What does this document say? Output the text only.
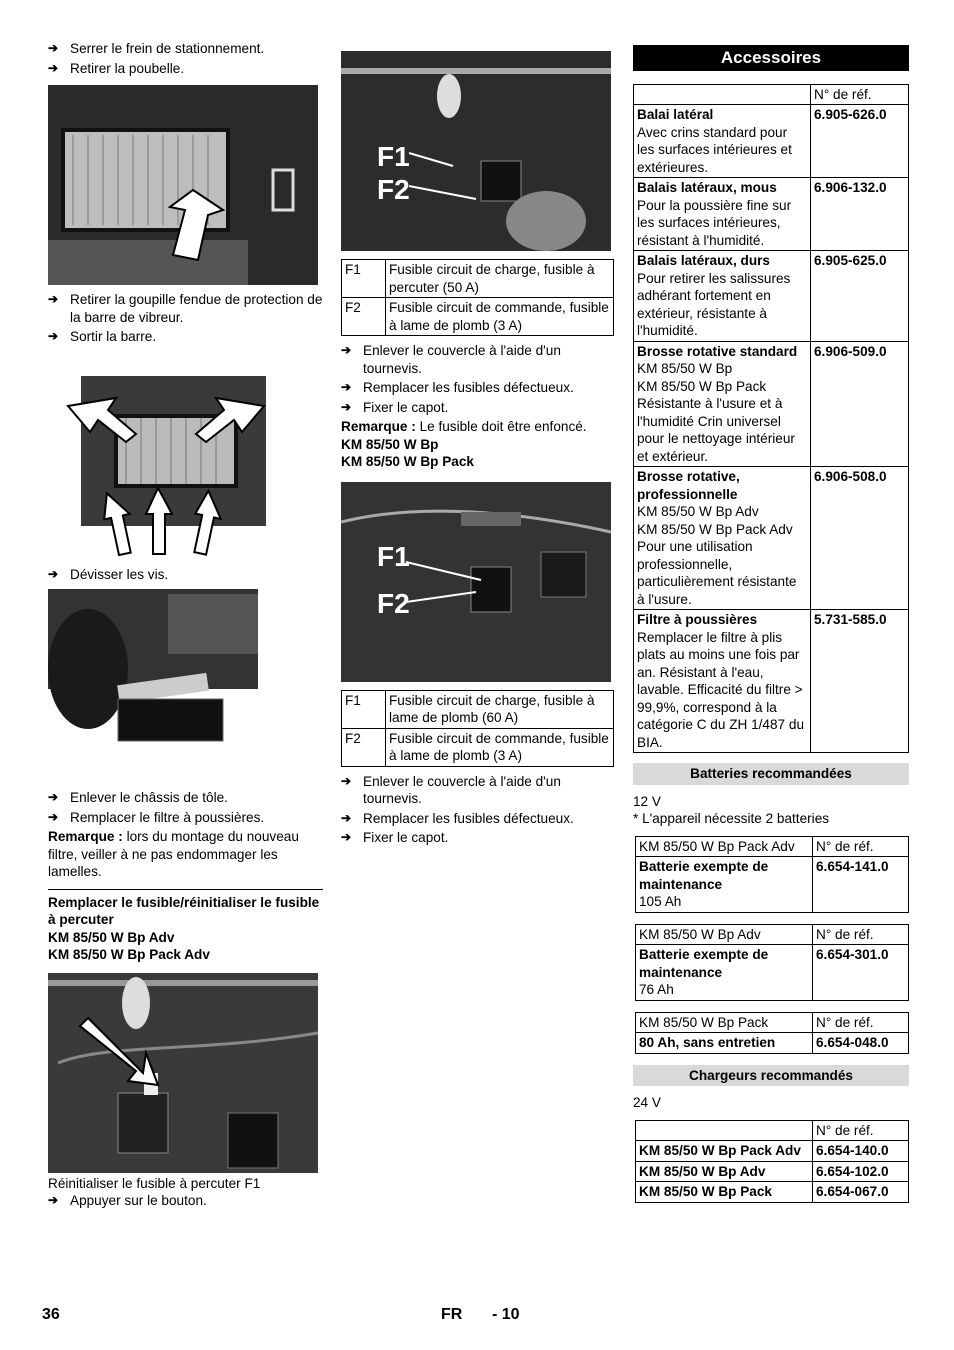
➔ Serrer le frein de stationnement.
➔ Retirer la poubelle.
➔ Retirer la goupille fendue de protection de la barre de vibreur.
➔ Sortir la barre.
➔ Dévisser les vis.
➔ Enlever le châssis de tôle.
➔ Remplacer le filtre à poussières.
Remarque : lors du montage du nouveau filtre, veiller à ne pas endommager les lamelles.
Remplacer le fusible/réinitialiser le fusible à percuter
KM 85/50 W Bp Adv
KM 85/50 W Bp Pack Adv
Réinitialiser le fusible à percuter F1
➔ Appuyer sur le bouton.
F1
F2
F1	Fusible circuit de charge, fusible à percuter (50 A)
F2	Fusible circuit de commande, fusible à lame de plomb (3 A)
➔ Enlever le couvercle à l'aide d'un tournevis.
➔ Remplacer les fusibles défectueux.
➔ Fixer le capot.
Remarque : Le fusible doit être enfoncé.
KM 85/50 W Bp
KM 85/50 W Bp Pack
F1
F2
F1	Fusible circuit de charge, fusible à lame de plomb (60 A)
F2	Fusible circuit de commande, fusible à lame de plomb (3 A)
➔ Enlever le couvercle à l'aide d'un tournevis.
➔ Remplacer les fusibles défectueux.
➔ Fixer le capot.
Accessoires
	N° de réf.

Balai latéral
Avec crins standard pour les surfaces intérieures et extérieures.	6.905-626.0

Balais latéraux, mous
Pour la poussière fine sur les surfaces intérieures, résistant à l'humidité.	6.906-132.0

Balais latéraux, durs
Pour retirer les salissures adhérant fortement en extérieur, résistante à l'humidité.	6.905-625.0

Brosse rotative standard
KM 85/50 W Bp
KM 85/50 W Bp Pack
Résistante à l'usure et à l'humidité Crin universel pour le nettoyage intérieur et extérieur.	6.906-509.0

Brosse rotative, professionnelle
KM 85/50 W Bp Adv
KM 85/50 W Bp Pack Adv
Pour une utilisation professionnelle, particulièrement résistante à l'usure.	6.906-508.0

Filtre à poussières
Remplacer le filtre à plis plats au moins une fois par an. Résistant à l'eau, lavable. Efficacité du filtre > 99,9%, correspond à la catégorie C du ZH 1/487 du BIA.	5.731-585.0
Batteries recommandées
12 V
* L'appareil nécessite 2 batteries
KM 85/50 W Bp Pack Adv	N° de réf.

Batterie exempte de maintenance
105 Ah	6.654-141.0
KM 85/50 W Bp Adv	N° de réf.

Batterie exempte de maintenance
76 Ah	6.654-301.0
KM 85/50 W Bp Pack	N° de réf.

80 Ah, sans entretien	6.654-048.0
Chargeurs recommandés
24 V
	N° de réf.
KM 85/50 W Bp Pack Adv	6.654-140.0
KM 85/50 W Bp Adv	6.654-102.0
KM 85/50 W Bp Pack	6.654-067.0
36	FR - 10
